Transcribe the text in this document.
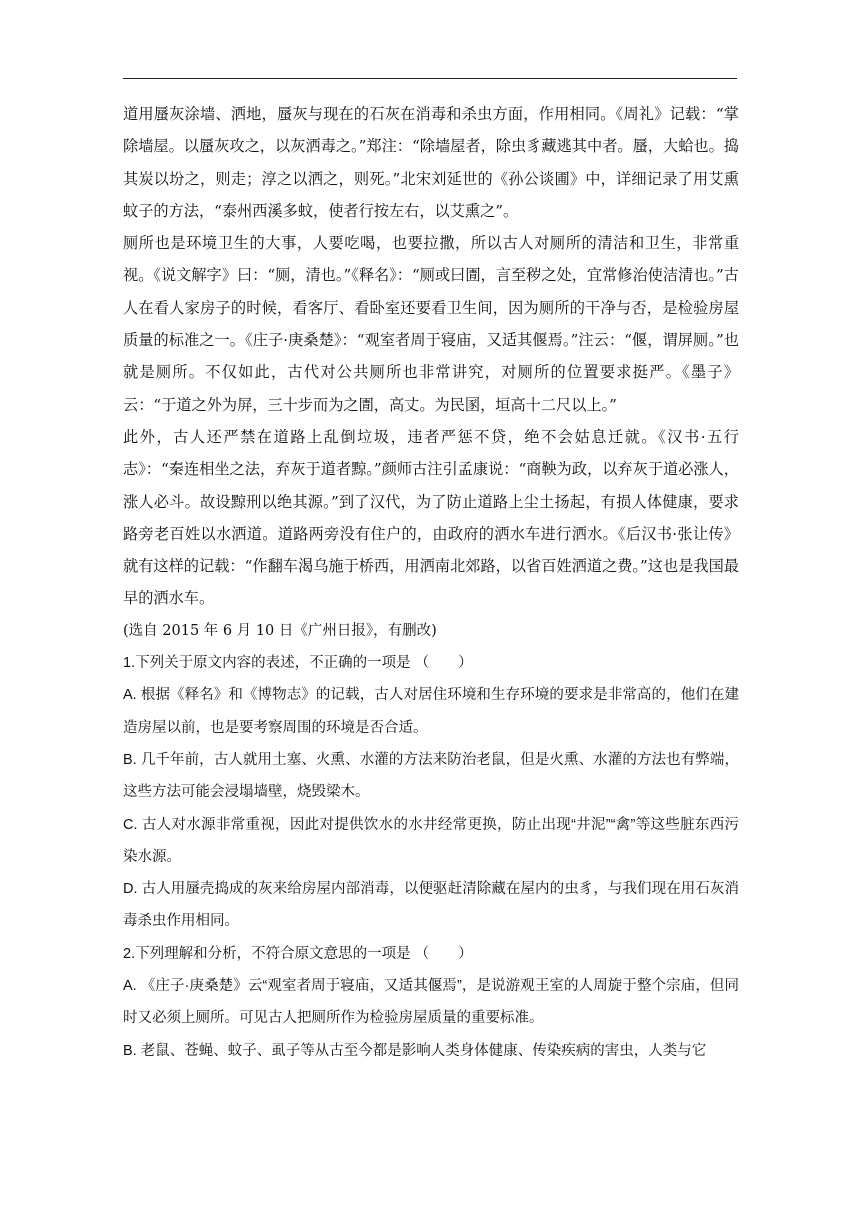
道用蜃灰涂墙、洒地，蜃灰与现在的石灰在消毒和杀虫方面，作用相同。《周礼》记载：“掌除墙屋。以蜃灰攻之，以灰洒毒之。”郑注：“除墙屋者，除虫豸藏逃其中者。蜃，大蛤也。捣其炭以坋之，则走；淳之以洒之，则死。”北宋刘延世的《孙公谈圃》中，详细记录了用艾熏蚊子的方法，“泰州西溪多蚊，使者行按左右，以艾熏之”。

厕所也是环境卫生的大事，人要吃喝，也要拉撒，所以古人对厕所的清洁和卫生，非常重视。《说文解字》曰：“厕，清也。”《释名》：“厕或曰圊，言至秽之处，宜常修治使洁清也。”古人在看人家房子的时候，看客厅、看卧室还要看卫生间，因为厕所的干净与否，是检验房屋质量的标准之一。《庄子·庚桑楚》：“观室者周于寝庙，又适其偃焉。”注云：“偃，谓屏厕。”也就是厕所。不仅如此，古代对公共厕所也非常讲究，对厕所的位置要求挺严。《墨子》云：“于道之外为屏，三十步而为之圊，高丈。为民圂，垣高十二尺以上。”

此外，古人还严禁在道路上乱倒垃圾，违者严惩不贷，绝不会姑息迁就。《汉书·五行志》：“秦连相坐之法，弃灰于道者黥。”颜师古注引孟康说：“商鞅为政，以弃灰于道必涨人，涨人必斗。故设黥刑以绝其源。”到了汉代，为了防止道路上尘土扬起，有损人体健康，要求路旁老百姓以水洒道。道路两旁没有住户的，由政府的洒水车进行洒水。《后汉书·张让传》就有这样的记载：“作翻车渴乌施于桥西，用洒南北郊路，以省百姓洒道之费。”这也是我国最早的洒水车。

(选自 2015 年 6 月 10 日《广州日报》，有删改)

1.下列关于原文内容的表述，不正确的一项是 （　　）

A. 根据《释名》和《博物志》的记载，古人对居住环境和生存环境的要求是非常高的，他们在建造房屋以前，也是要考察周围的环境是否合适。

B. 几千年前，古人就用土塞、火熏、水灌的方法来防治老鼠，但是火熏、水灌的方法也有弊端，这些方法可能会浸塌墙壁，烧毁梁木。

C. 古人对水源非常重视，因此对提供饮水的水井经常更换，防止出现“井泥”“禽”等这些脏东西污染水源。

D. 古人用蜃壳捣成的灰来给房屋内部消毒，以便驱赶清除藏在屋内的虫豸，与我们现在用石灰消毒杀虫作用相同。

2.下列理解和分析，不符合原文意思的一项是 （　　）

A. 《庄子·庚桑楚》云“观室者周于寝庙，又适其偃焉”，是说游观王室的人周旋于整个宗庙，但同时又必须上厕所。可见古人把厕所作为检验房屋质量的重要标准。

B. 老鼠、苍蝇、蚊子、虱子等从古至今都是影响人类身体健康、传染疾病的害虫，人类与它
